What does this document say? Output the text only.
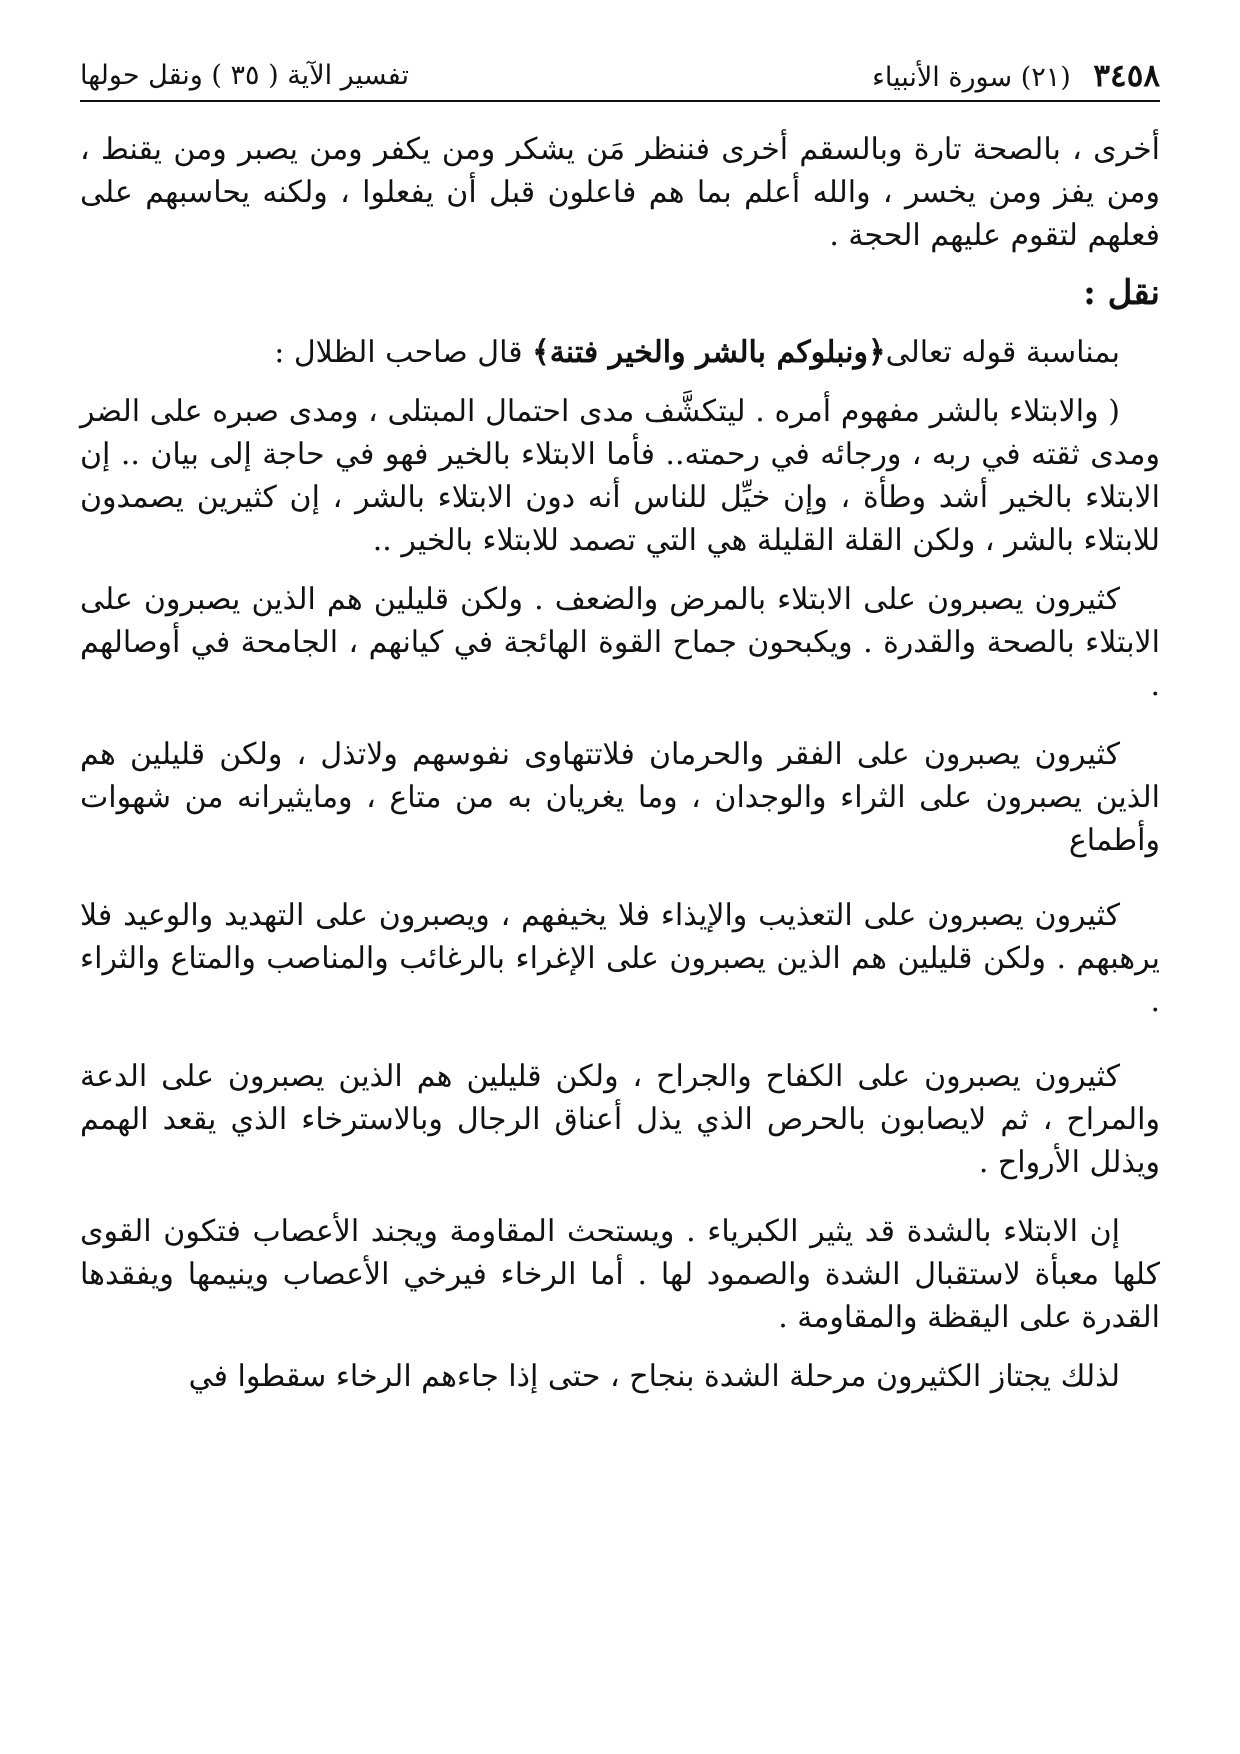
٣٤٥٨ (٢١) سورة الأنبياء
تفسير الآية ( ٣٥ ) ونقل حولها

أخرى ، بالصحة تارة وبالسقم أخرى فننظر مَن يشكر ومن يكفر ومن يصبر ومن يقنط ، ومن يفز ومن يخسر ، والله أعلم بما هم فاعلون قبل أن يفعلوا ، ولكنه يحاسبهم على فعلهم لتقوم عليهم الحجة .

نقل :

بمناسبة قوله تعالى﴿ونبلوكم بالشر والخير فتنة﴾ قال صاحب الظلال :

( والابتلاء بالشر مفهوم أمره . ليتكشَّف مدى احتمال المبتلى ، ومدى صبره على الضر ومدى ثقته في ربه ، ورجائه في رحمته.. فأما الابتلاء بالخير فهو في حاجة إلى بيان .. إن الابتلاء بالخير أشد وطأة ، وإن خيِّل للناس أنه دون الابتلاء بالشر ، إن كثيرين يصمدون للابتلاء بالشر ، ولكن القلة القليلة هي التي تصمد للابتلاء بالخير ..

كثيرون يصبرون على الابتلاء بالمرض والضعف . ولكن قليلين هم الذين يصبرون على الابتلاء بالصحة والقدرة . ويكبحون جماح القوة الهائجة في كيانهم ، الجامحة في أوصالهم .

كثيرون يصبرون على الفقر والحرمان فلاتتهاوى نفوسهم ولاتذل ، ولكن قليلين هم الذين يصبرون على الثراء والوجدان ، وما يغريان به من متاع ، ومايثيرانه من شهوات وأطماع

كثيرون يصبرون على التعذيب والإيذاء فلا يخيفهم ، ويصبرون على التهديد والوعيد فلا يرهبهم . ولكن قليلين هم الذين يصبرون على الإغراء بالرغائب والمناصب والمتاع والثراء .

كثيرون يصبرون على الكفاح والجراح ، ولكن قليلين هم الذين يصبرون على الدعة والمراح ، ثم لايصابون بالحرص الذي يذل أعناق الرجال وبالاسترخاء الذي يقعد الهمم ويذلل الأرواح .

إن الابتلاء بالشدة قد يثير الكبرياء . ويستحث المقاومة ويجند الأعصاب فتكون القوى كلها معبأة لاستقبال الشدة والصمود لها . أما الرخاء فيرخي الأعصاب وينيمها ويفقدها القدرة على اليقظة والمقاومة .

لذلك يجتاز الكثيرون مرحلة الشدة بنجاح ، حتى إذا جاءهم الرخاء سقطوا في
